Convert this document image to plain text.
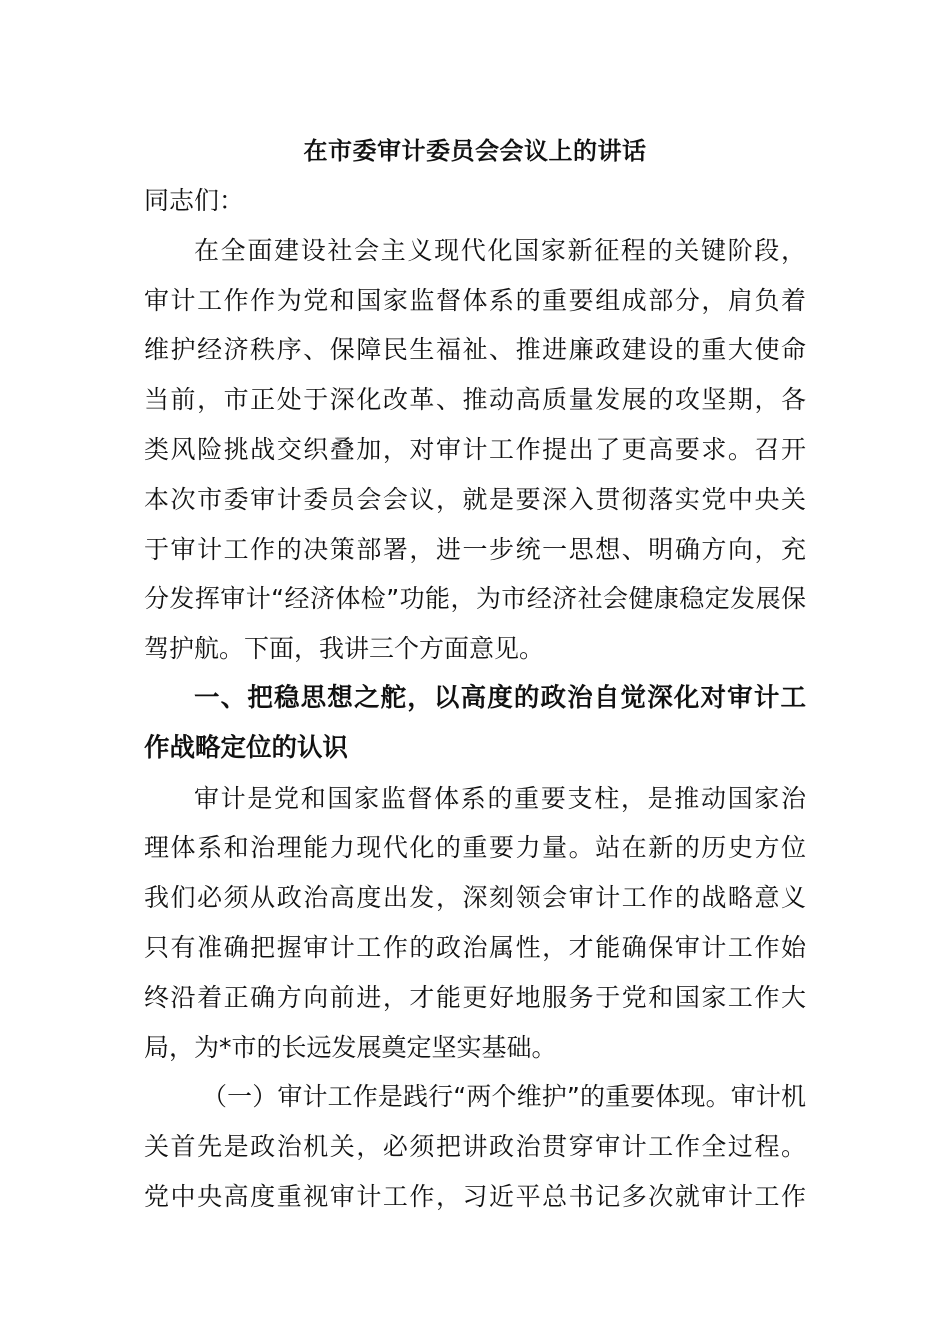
在市委审计委员会会议上的讲话

同志们：

在全面建设社会主义现代化国家新征程的关键阶段，
审计工作作为党和国家监督体系的重要组成部分，肩负着
维护经济秩序、保障民生福祉、推进廉政建设的重大使命
当前，市正处于深化改革、推动高质量发展的攻坚期，各
类风险挑战交织叠加，对审计工作提出了更高要求。召开
本次市委审计委员会会议，就是要深入贯彻落实党中央关
于审计工作的决策部署，进一步统一思想、明确方向，充
分发挥审计“经济体检”功能，为市经济社会健康稳定发展保
驾护航。下面，我讲三个方面意见。

一、把稳思想之舵，以高度的政治自觉深化对审计工
作战略定位的认识

审计是党和国家监督体系的重要支柱，是推动国家治
理体系和治理能力现代化的重要力量。站在新的历史方位
我们必须从政治高度出发，深刻领会审计工作的战略意义
只有准确把握审计工作的政治属性，才能确保审计工作始
终沿着正确方向前进，才能更好地服务于党和国家工作大
局，为*市的长远发展奠定坚实基础。

（一）审计工作是践行“两个维护”的重要体现。审计机
关首先是政治机关，必须把讲政治贯穿审计工作全过程。
党中央高度重视审计工作，习近平总书记多次就审计工作
